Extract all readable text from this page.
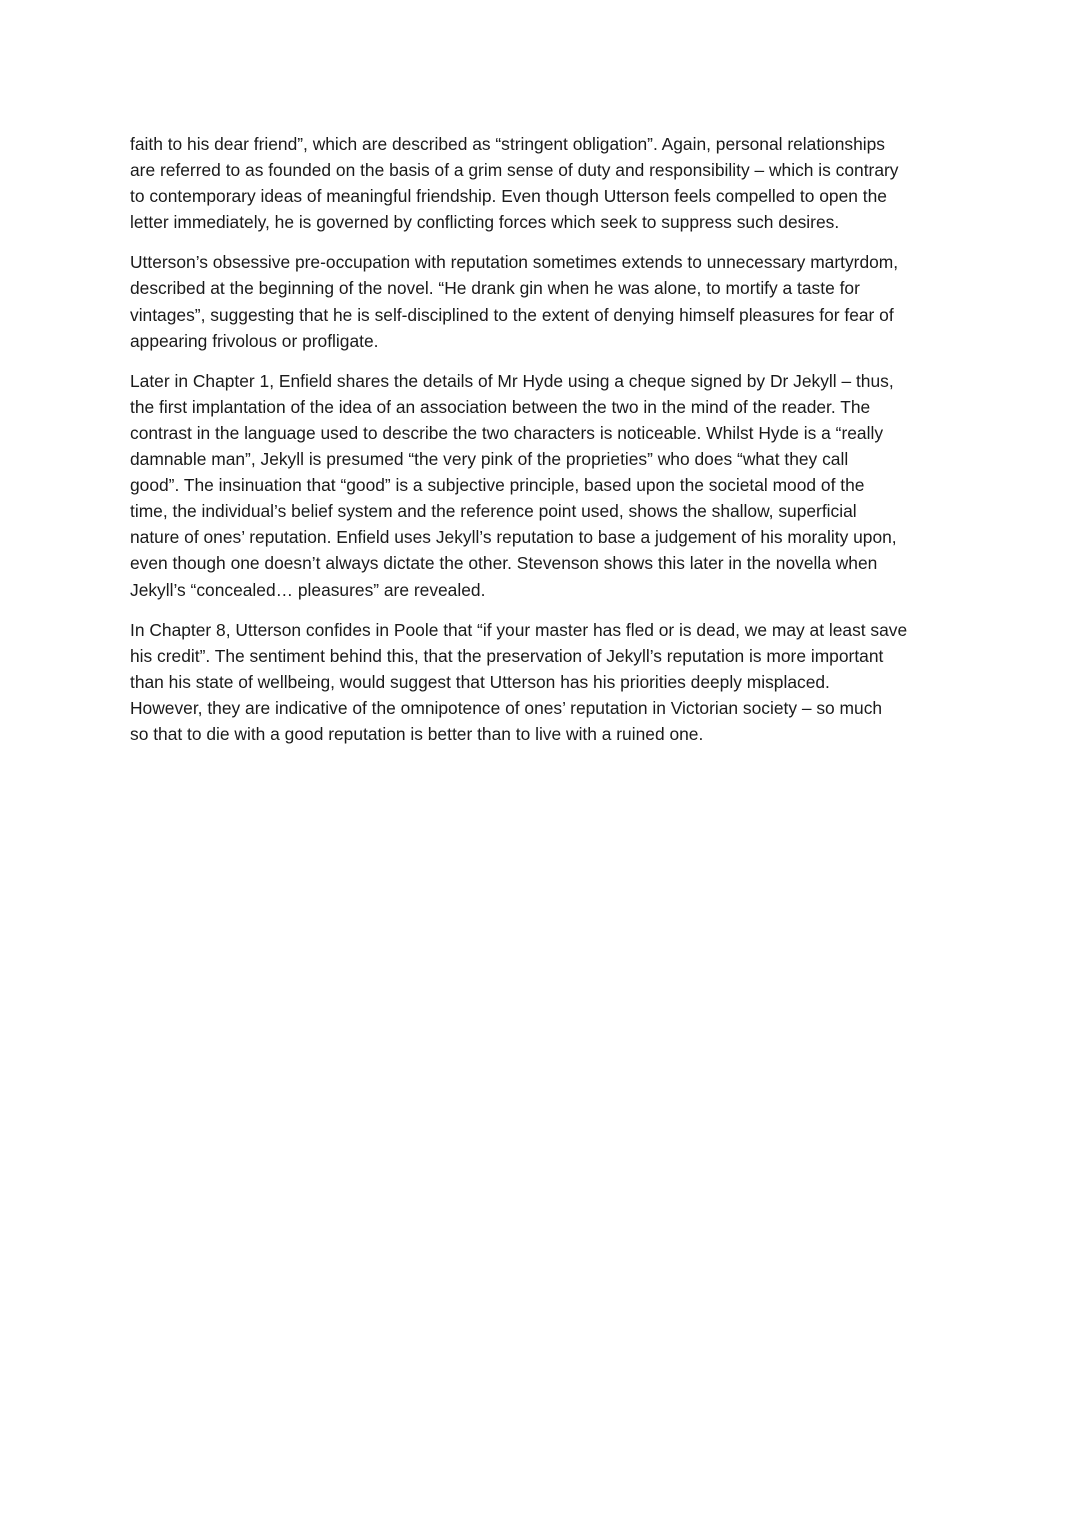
faith to his dear friend”, which are described as “stringent obligation”. Again, personal relationships
are referred to as founded on the basis of a grim sense of duty and responsibility – which is contrary
to contemporary ideas of meaningful friendship. Even though Utterson feels compelled to open the
letter immediately, he is governed by conflicting forces which seek to suppress such desires.

Utterson’s obsessive pre-occupation with reputation sometimes extends to unnecessary martyrdom,
described at the beginning of the novel. “He drank gin when he was alone, to mortify a taste for
vintages”, suggesting that he is self-disciplined to the extent of denying himself pleasures for fear of
appearing frivolous or profligate.

Later in Chapter 1, Enfield shares the details of Mr Hyde using a cheque signed by Dr Jekyll – thus,
the first implantation of the idea of an association between the two in the mind of the reader. The
contrast in the language used to describe the two characters is noticeable. Whilst Hyde is a “really
damnable man”, Jekyll is presumed “the very pink of the proprieties” who does “what they call
good”. The insinuation that “good” is a subjective principle, based upon the societal mood of the
time, the individual’s belief system and the reference point used, shows the shallow, superficial
nature of ones’ reputation. Enfield uses Jekyll’s reputation to base a judgement of his morality upon,
even though one doesn’t always dictate the other. Stevenson shows this later in the novella when
Jekyll’s “concealed… pleasures” are revealed.

In Chapter 8, Utterson confides in Poole that “if your master has fled or is dead, we may at least save
his credit”. The sentiment behind this, that the preservation of Jekyll’s reputation is more important
than his state of wellbeing, would suggest that Utterson has his priorities deeply misplaced.
However, they are indicative of the omnipotence of ones’ reputation in Victorian society – so much
so that to die with a good reputation is better than to live with a ruined one.
